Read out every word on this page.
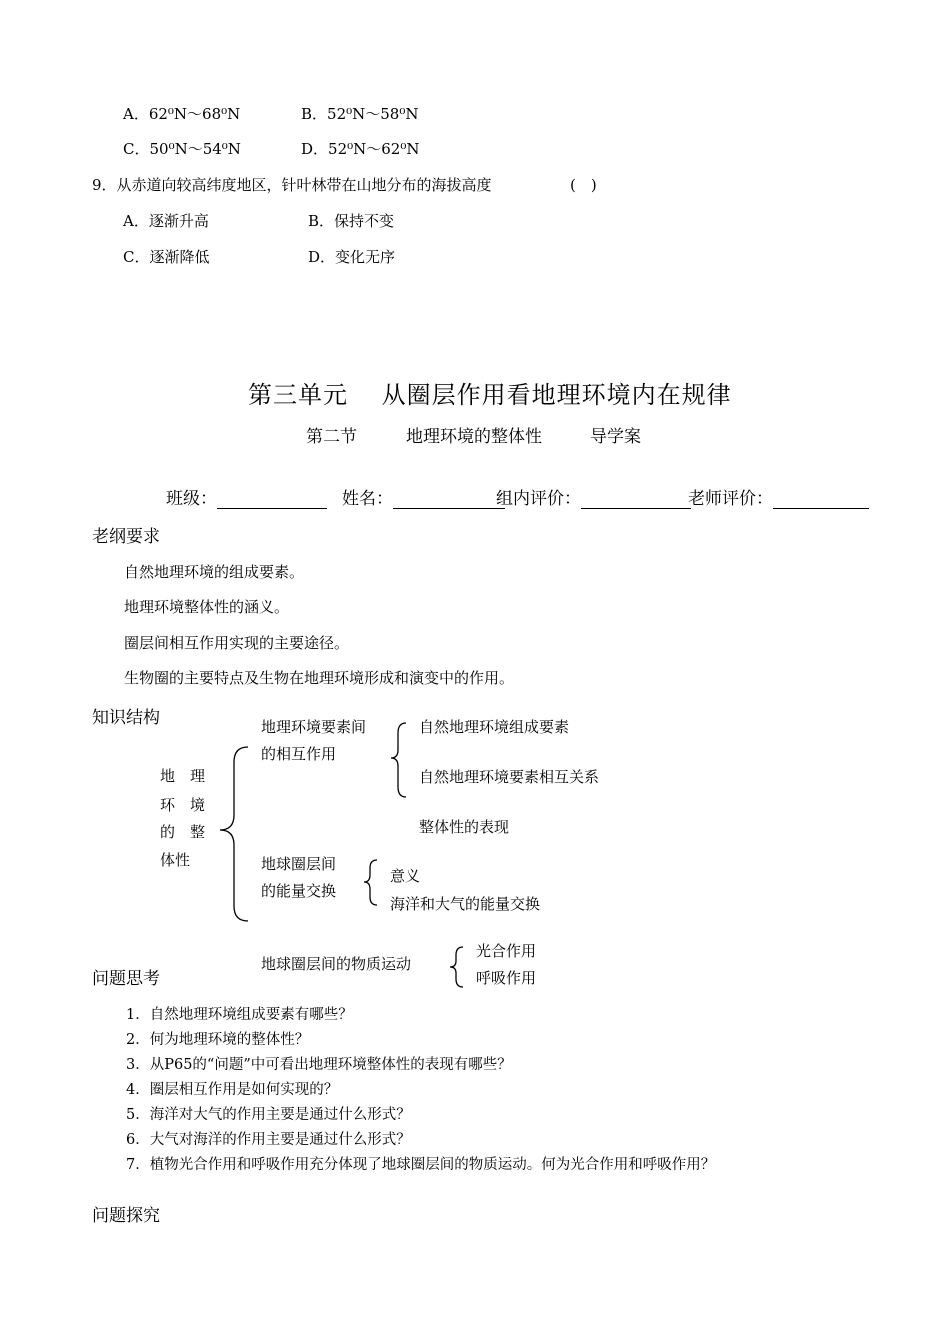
A．62⁰N～68⁰N	B．52⁰N～58⁰N
C．50⁰N～54⁰N	D．52⁰N～62⁰N
9．从赤道向较高纬度地区，针叶林带在山地分布的海拔高度	(　)
A．逐渐升高	B．保持不变
C．逐渐降低	D．变化无序
第三单元　 从圈层作用看地理环境内在规律
第二节	地理环境的整体性	导学案
班级：	姓名：	组内评价：	老师评价：
老纲要求
自然地理环境的组成要素。
地理环境整体性的涵义。
圈层间相互作用实现的主要途径。
生物圈的主要特点及生物在地理环境形成和演变中的作用。
知识结构
地　理
环　境
的　整
体性
地理环境要素间
的相互作用
自然地理环境组成要素
自然地理环境要素相互关系
整体性的表现
地球圈层间
的能量交换
意义
海洋和大气的能量交换
地球圈层间的物质运动
光合作用
呼吸作用
问题思考
1．自然地理环境组成要素有哪些？
2．何为地理环境的整体性？
3．从P65的“问题”中可看出地理环境整体性的表现有哪些？
4．圈层相互作用是如何实现的？
5．海洋对大气的作用主要是通过什么形式？
6．大气对海洋的作用主要是通过什么形式？
7．植物光合作用和呼吸作用充分体现了地球圈层间的物质运动。何为光合作用和呼吸作用？
问题探究
